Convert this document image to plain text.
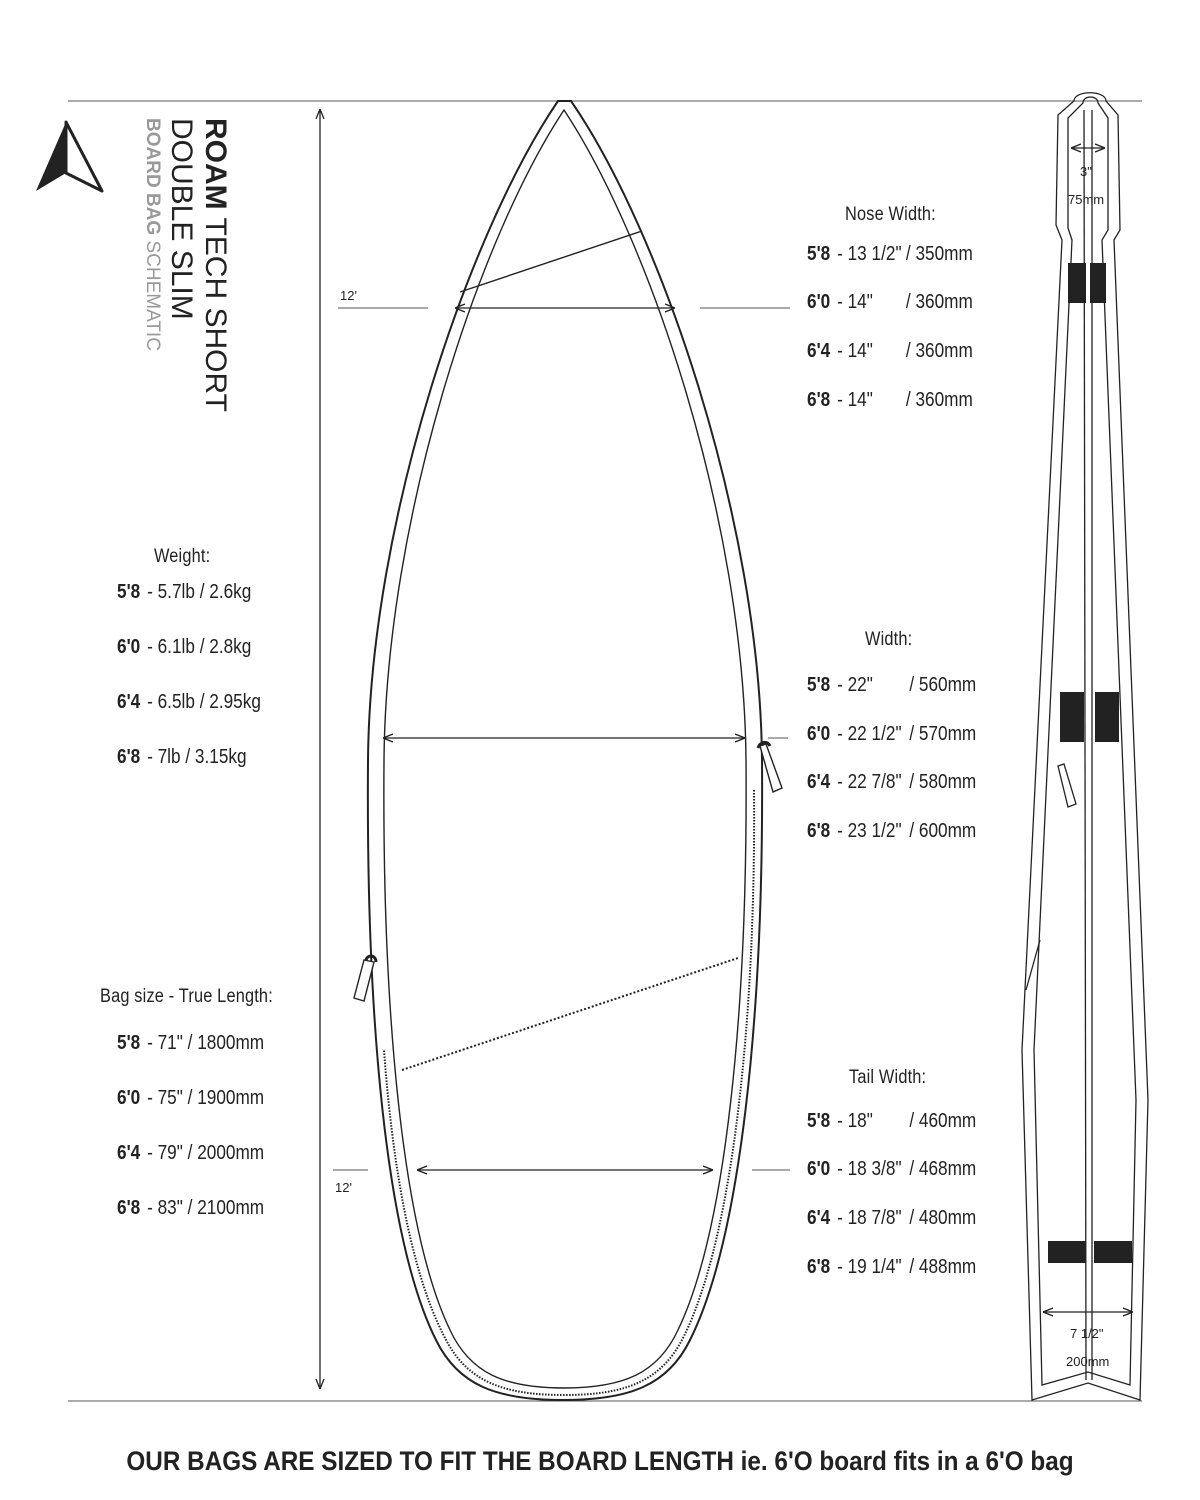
ROAM TECH SHORT
DOUBLE SLIM
BOARD BAG SCHEMATIC	12'
12'
Nose Width:
5'8 - 13 1/2" / 350mm
6'0 - 14" / 360mm
6'4 - 14" / 360mm
6'8 - 14" / 360mm
Width:
5'8 - 22" / 560mm
6'0 - 22 1/2" / 570mm
6'4 - 22 7/8" / 580mm
6'8 - 23 1/2" / 600mm
Tail Width:
5'8 - 18" / 460mm
6'0 - 18 3/8" / 468mm
6'4 - 18 7/8" / 480mm
6'8 - 19 1/4" / 488mm
Weight:
5'8 - 5.7lb / 2.6kg
6'0 - 6.1lb / 2.8kg
6'4 - 6.5lb / 2.95kg
6'8 - 7lb / 3.15kg
Bag size - True Length:
5'8 - 71" / 1800mm
6'0 - 75" / 1900mm
6'4 - 79" / 2000mm
6'8 - 83" / 2100mm
3"
75mm
7 1/2"
200mm
OUR BAGS ARE SIZED TO FIT THE BOARD LENGTH ie. 6'O board fits in a 6'O bag
